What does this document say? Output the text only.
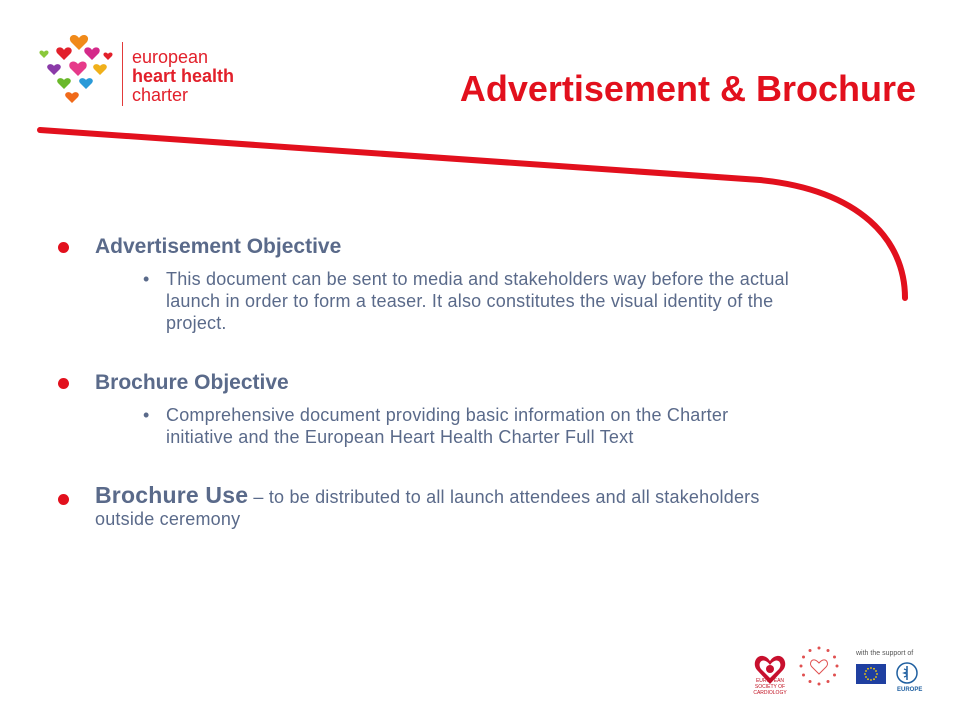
european
heart health
charter	Advertisement & Brochure
Advertisement Objective
• This document can be sent to media and stakeholders way before the actual launch in order to form a teaser. It also constitutes the visual identity of the project.
Brochure Objective
• Comprehensive document providing basic information on the Charter initiative and the European Heart Health Charter Full Text
Brochure Use – to be distributed to all launch attendees and all stakeholders outside ceremony
EUROPEAN SOCIETY OF CARDIOLOGY
with the support of
EUROPE
